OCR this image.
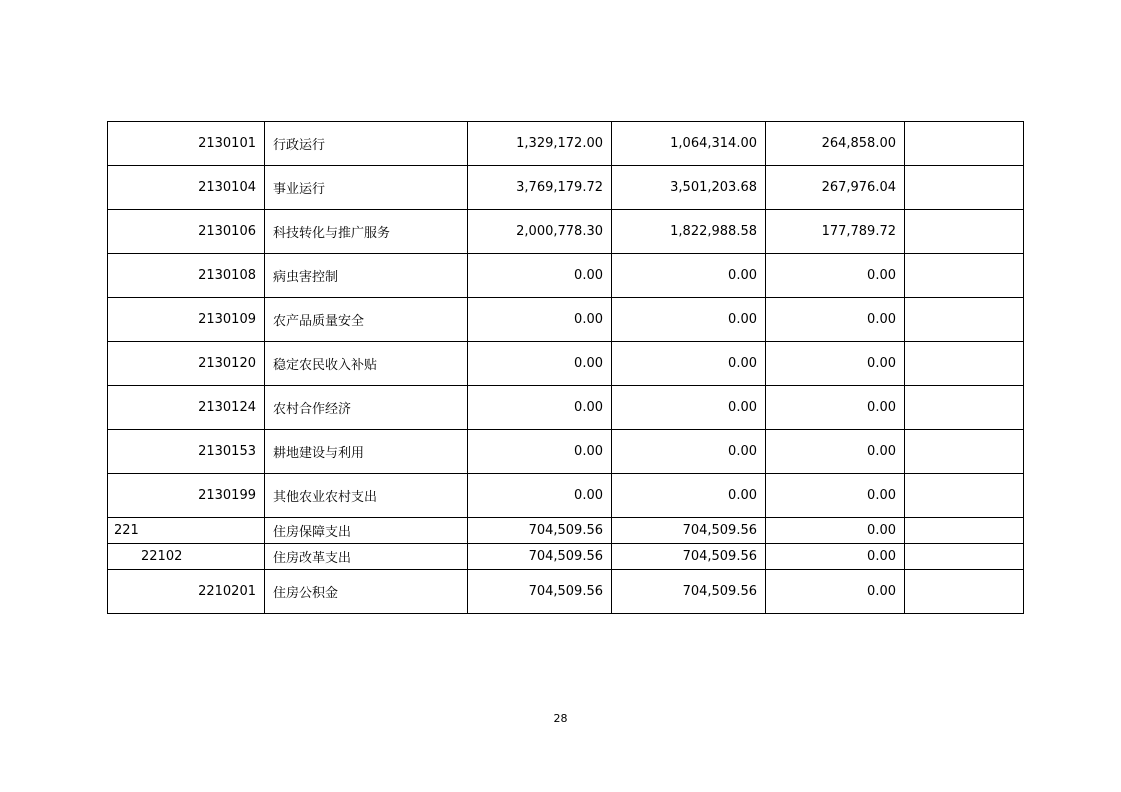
2130101	行政运行	1,329,172.00	1,064,314.00	264,858.00	
2130104	事业运行	3,769,179.72	3,501,203.68	267,976.04	
2130106	科技转化与推广服务	2,000,778.30	1,822,988.58	177,789.72	
2130108	病虫害控制	0.00	0.00	0.00	
2130109	农产品质量安全	0.00	0.00	0.00	
2130120	稳定农民收入补贴	0.00	0.00	0.00	
2130124	农村合作经济	0.00	0.00	0.00	
2130153	耕地建设与利用	0.00	0.00	0.00	
2130199	其他农业农村支出	0.00	0.00	0.00	
221	住房保障支出	704,509.56	704,509.56	0.00	
22102	住房改革支出	704,509.56	704,509.56	0.00	
2210201	住房公积金	704,509.56	704,509.56	0.00	
28
